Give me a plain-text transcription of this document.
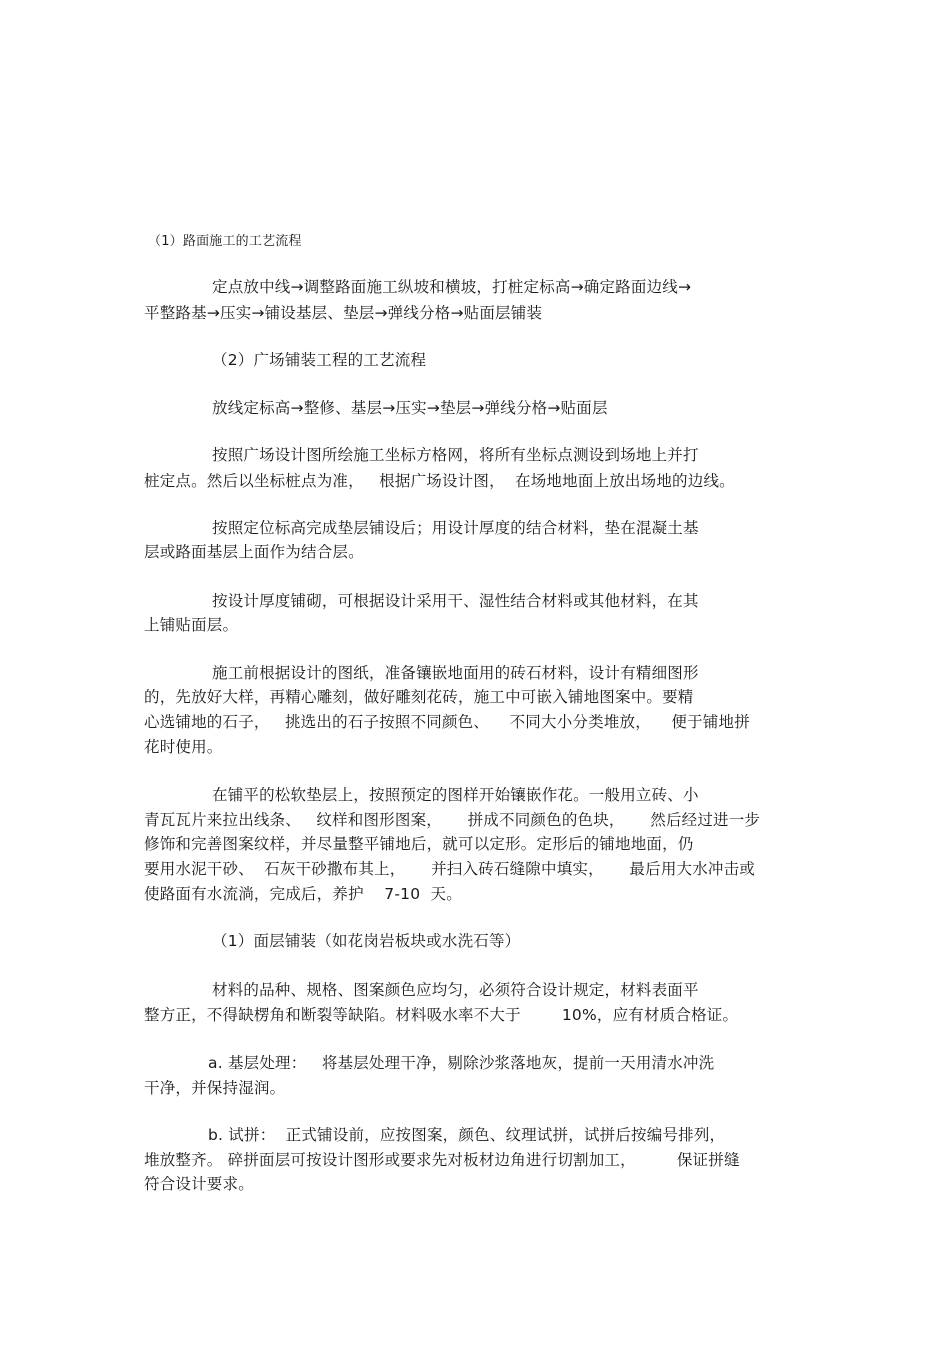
（1）路面施工的工艺流程
定点放中线→调整路面施工纵坡和横坡，打桩定标高→确定路面边线→
平整路基→压实→铺设基层、垫层→弹线分格→贴面层铺装
（2）广场铺装工程的工艺流程
放线定标高→整修、基层→压实→垫层→弹线分格→贴面层
按照广场设计图所绘施工坐标方格网，将所有坐标点测设到场地上并打
桩定点。然后以坐标桩点为准，   根据广场设计图，  在场地地面上放出场地的边线。
按照定位标高完成垫层铺设后；用设计厚度的结合材料，垫在混凝土基
层或路面基层上面作为结合层。
按设计厚度铺砌，可根据设计采用干、湿性结合材料或其他材料，在其
上铺贴面层。
施工前根据设计的图纸，准备镶嵌地面用的砖石材料，设计有精细图形
的，先放好大样，再精心雕刻，做好雕刻花砖，施工中可嵌入铺地图案中。要精
心选铺地的石子，   挑选出的石子按照不同颜色、    不同大小分类堆放，    便于铺地拼
花时使用。
在铺平的松软垫层上，按照预定的图样开始镶嵌作花。一般用立砖、小
青瓦瓦片来拉出线条、   纹样和图形图案，     拼成不同颜色的色块，     然后经过进一步
修饰和完善图案纹样，并尽量整平铺地后，就可以定形。定形后的铺地地面，仍
要用水泥干砂、  石灰干砂撒布其上，     并扫入砖石缝隙中填实，     最后用大水冲击或
使路面有水流淌，完成后，养护    7-10  天。
（1）面层铺装（如花岗岩板块或水洗石等）
材料的品种、规格、图案颜色应均匀，必须符合设计规定，材料表面平
整方正，不得缺楞角和断裂等缺陷。材料吸水率不大于        10%，应有材质合格证。
a. 基层处理：   将基层处理干净，剔除沙浆落地灰，提前一天用清水冲洗
干净，并保持湿润。
b. 试拼：  正式铺设前，应按图案，颜色、纹理试拼，试拼后按编号排列，
堆放整齐。 碎拼面层可按设计图形或要求先对板材边角进行切割加工，        保证拼缝
符合设计要求。
